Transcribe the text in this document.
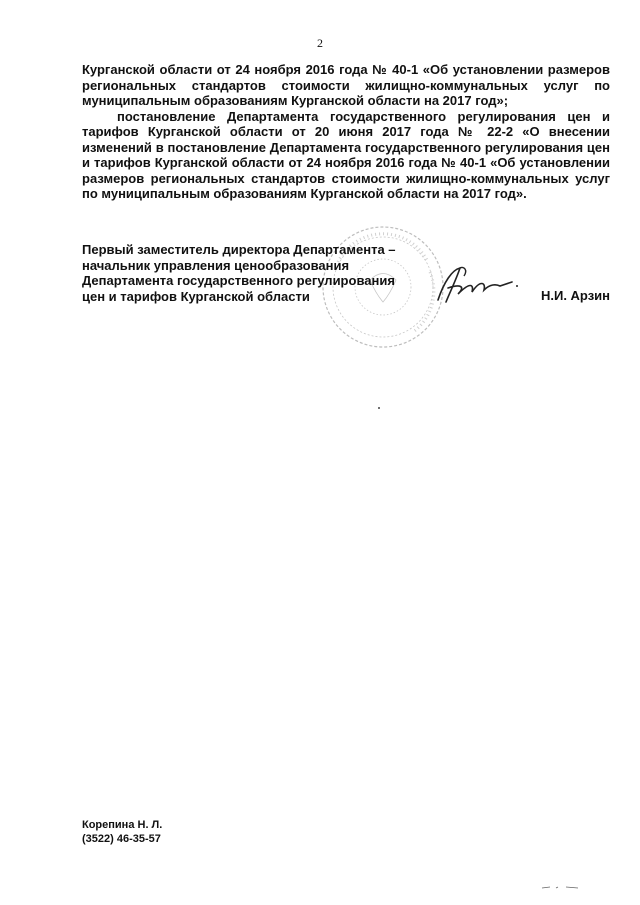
2

Курганской области от 24 ноября 2016 года № 40-1 «Об установлении размеров региональных стандартов стоимости жилищно-коммунальных услуг по муниципальным образованиям Курганской области на 2017 год»;

постановление Департамента государственного регулирования цен и тарифов Курганской области от 20 июня 2017 года № 22-2 «О внесении изменений в постановление Департамента государственного регулирования цен и тарифов Курганской области от 24 ноября 2016 года № 40-1 «Об установлении размеров региональных стандартов стоимости жилищно-коммунальных услуг по муниципальным образованиям Курганской области на 2017 год».

Первый заместитель директора Департамента –
начальник управления ценообразования
Департамента государственного регулирования
цен и тарифов Курганской области	Н.И. Арзин
Корепина Н. Л.
(3522) 46-35-57
